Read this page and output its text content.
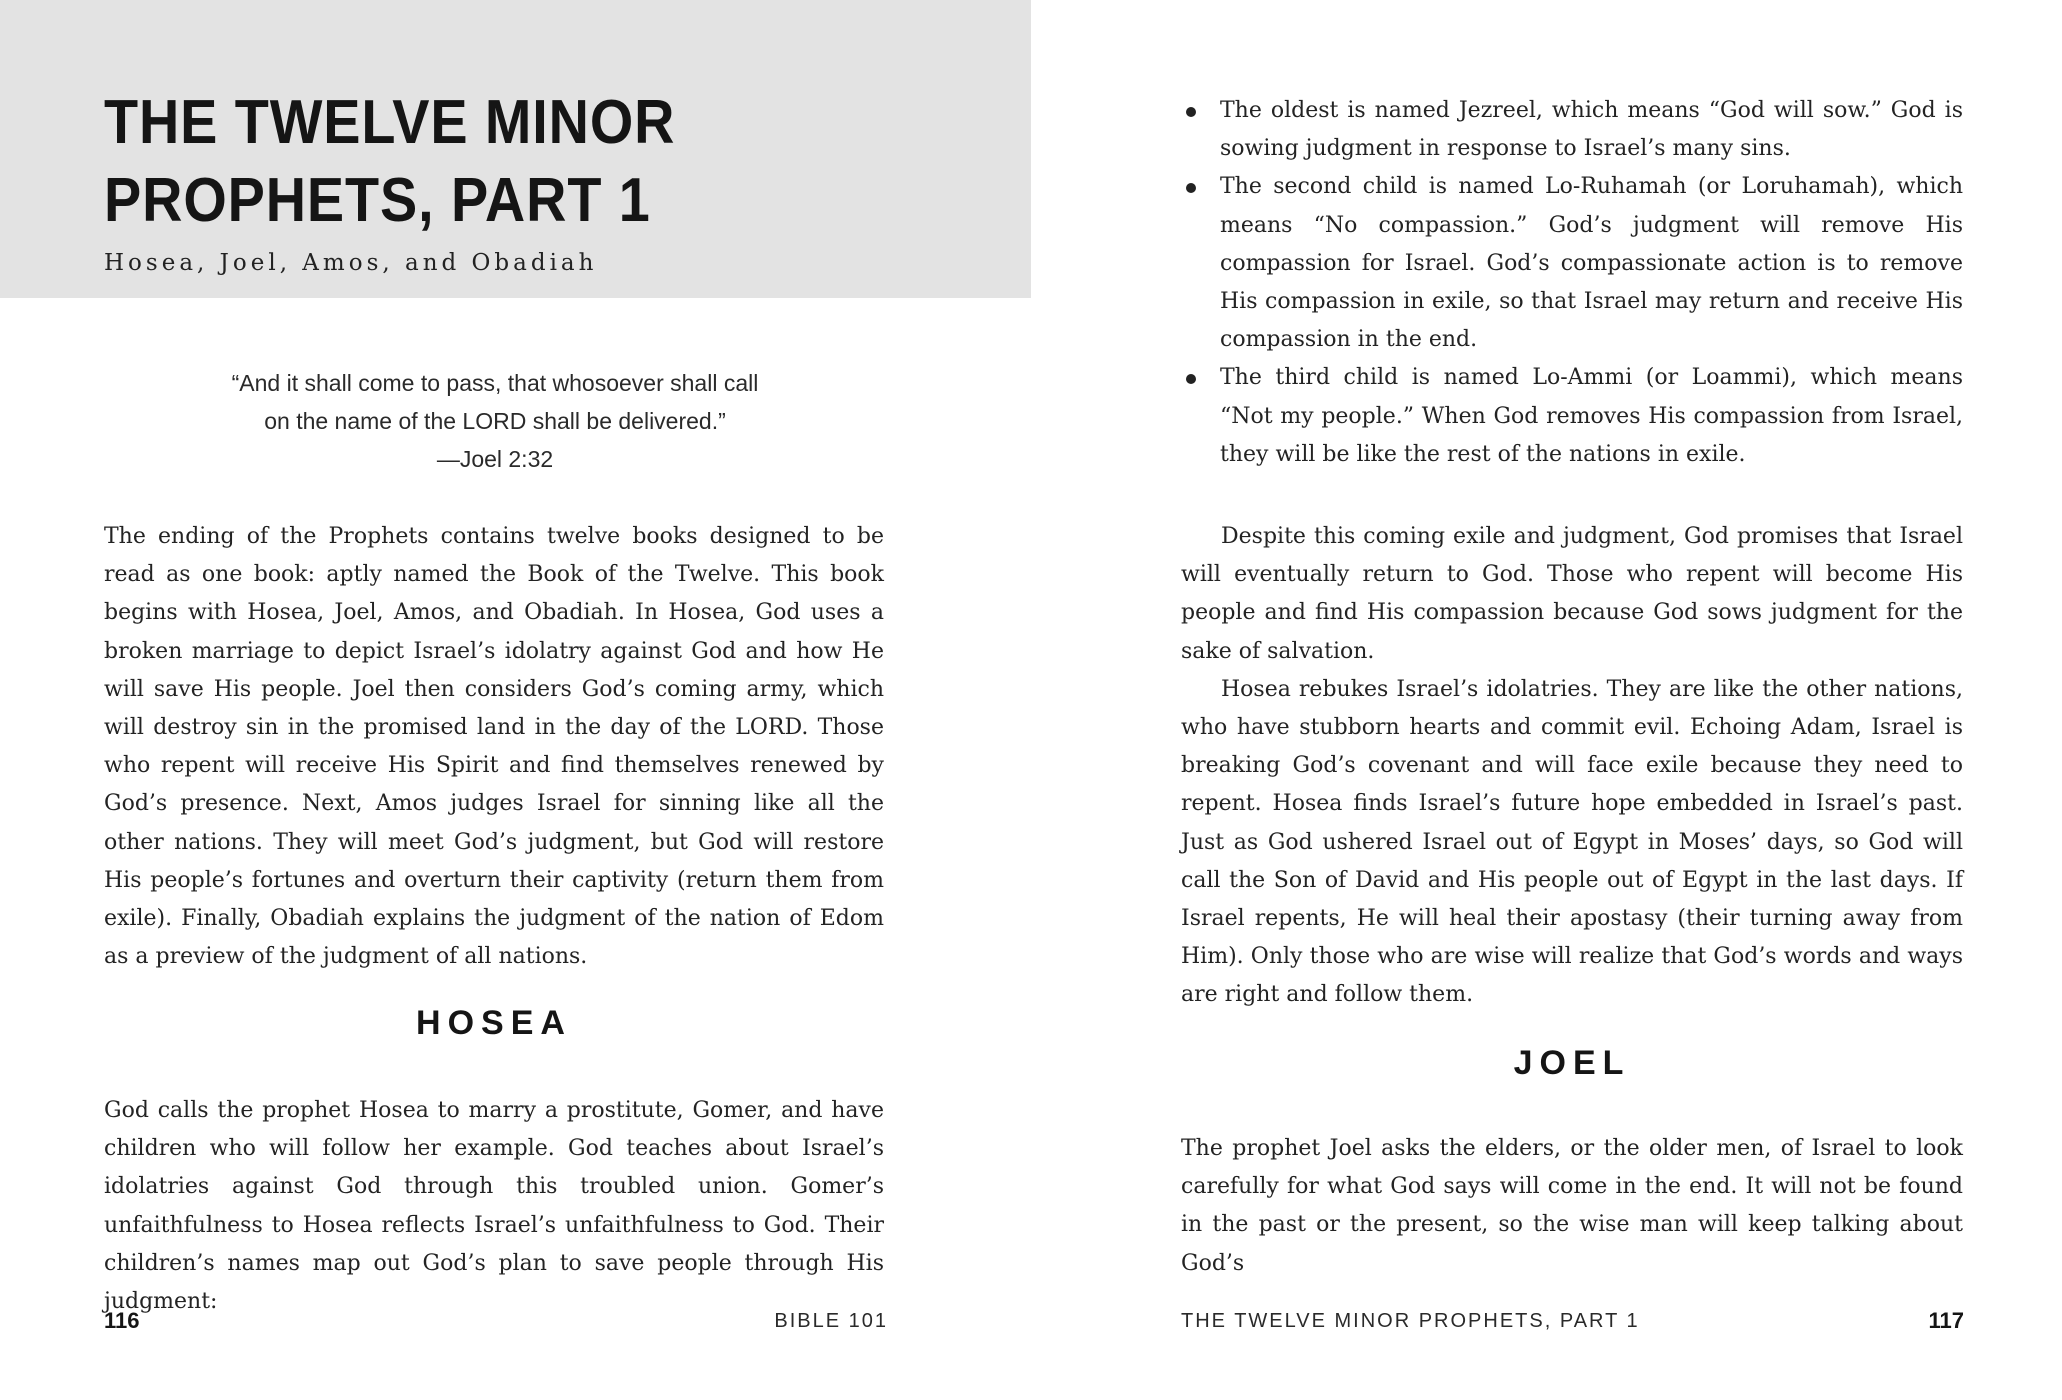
THE TWELVE MINOR PROPHETS, PART 1
Hosea, Joel, Amos, and Obadiah
“And it shall come to pass, that whosoever shall call
on the name of the LORD shall be delivered.”
—Joel 2:32

The ending of the Prophets contains twelve books designed to be read as one book: aptly named the Book of the Twelve. This book begins with Hosea, Joel, Amos, and Obadiah. In Hosea, God uses a broken marriage to depict Israel’s idolatry against God and how He will save His people. Joel then considers God’s coming army, which will destroy sin in the promised land in the day of the LORD. Those who repent will receive His Spirit and find themselves renewed by God’s presence. Next, Amos judges Israel for sinning like all the other nations. They will meet God’s judgment, but God will restore His people’s fortunes and overturn their captivity (return them from exile). Finally, Obadiah explains the judgment of the nation of Edom as a preview of the judgment of all nations.

HOSEA

God calls the prophet Hosea to marry a prostitute, Gomer, and have children who will follow her example. God teaches about Israel’s idolatries against God through this troubled union. Gomer’s unfaithfulness to Hosea reflects Israel’s unfaithfulness to God. Their children’s names map out God’s plan to save people through His judgment:

116	BIBLE 101
The oldest is named Jezreel, which means “God will sow.” God is sowing judgment in response to Israel’s many sins.
The second child is named Lo-Ruhamah (or Loruhamah), which means “No compassion.” God’s judgment will remove His compassion for Israel. God’s compassionate action is to remove His compassion in exile, so that Israel may return and receive His compassion in the end.
The third child is named Lo-Ammi (or Loammi), which means “Not my people.” When God removes His compassion from Israel, they will be like the rest of the nations in exile.

Despite this coming exile and judgment, God promises that Israel will eventually return to God. Those who repent will become His people and find His compassion because God sows judgment for the sake of salvation.

Hosea rebukes Israel’s idolatries. They are like the other nations, who have stubborn hearts and commit evil. Echoing Adam, Israel is breaking God’s covenant and will face exile because they need to repent. Hosea finds Israel’s future hope embedded in Israel’s past. Just as God ushered Israel out of Egypt in Moses’ days, so God will call the Son of David and His people out of Egypt in the last days. If Israel repents, He will heal their apostasy (their turning away from Him). Only those who are wise will realize that God’s words and ways are right and follow them.

JOEL

The prophet Joel asks the elders, or the older men, of Israel to look carefully for what God says will come in the end. It will not be found in the past or the present, so the wise man will keep talking about God’s

THE TWELVE MINOR PROPHETS, PART 1	117
